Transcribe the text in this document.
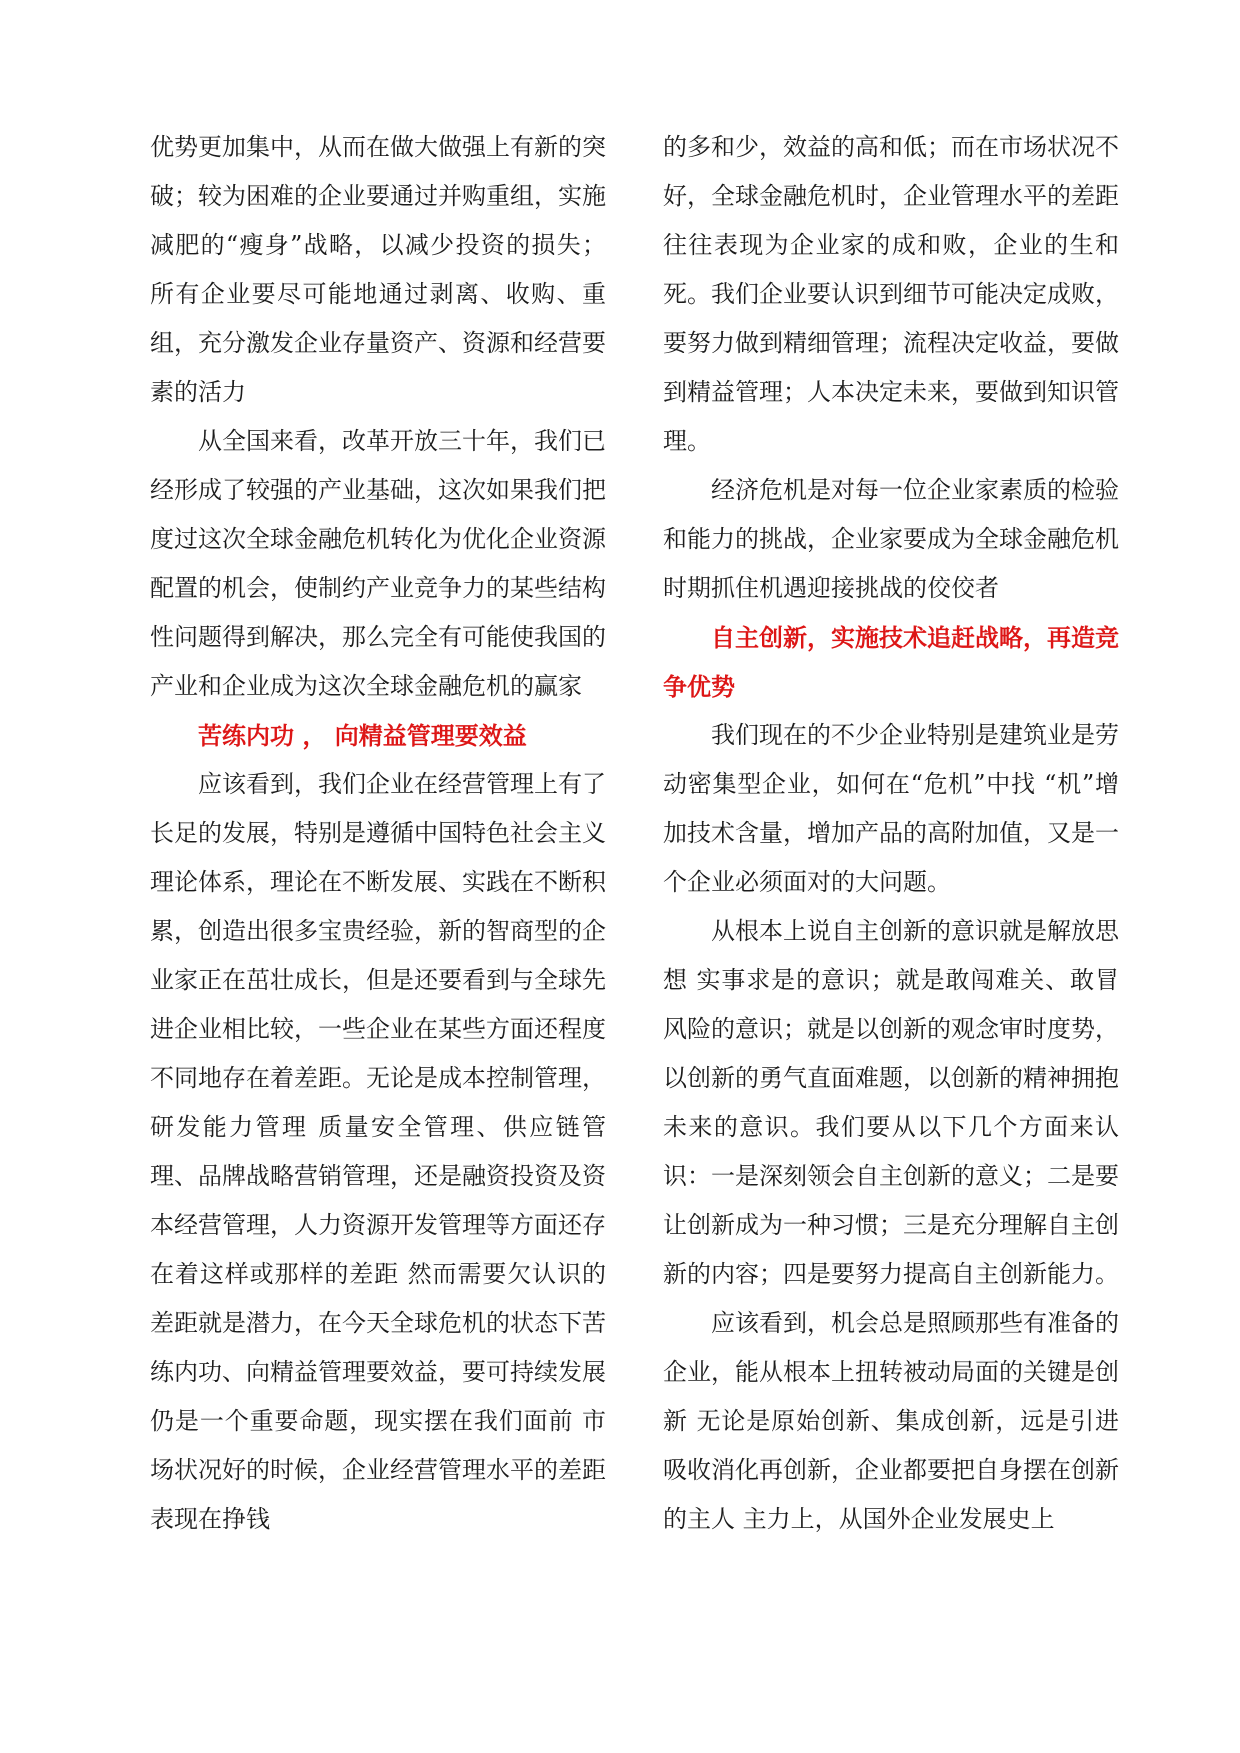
优势更加集中，从而在做大做强上有新的突破；较为困难的企业要通过并购重组，实施减肥的“瘦身”战略，以减少投资的损失；所有企业要尽可能地通过剥离、收购、重组，充分激发企业存量资产、资源和经营要素的活力

从全国来看，改革开放三十年，我们已经形成了较强的产业基础，这次如果我们把度过这次全球金融危机转化为优化企业资源配置的机会，使制约产业竞争力的某些结构性问题得到解决，那么完全有可能使我国的产业和企业成为这次全球金融危机的赢家

苦练内功 ， 向精益管理要效益

应该看到，我们企业在经营管理上有了长足的发展，特别是遵循中国特色社会主义理论体系，理论在不断发展、实践在不断积累，创造出很多宝贵经验，新的智商型的企业家正在茁壮成长，但是还要看到与全球先进企业相比较，一些企业在某些方面还程度不同地存在着差距。无论是成本控制管理，研发能力管理 质量安全管理、供应链管理、品牌战略营销管理，还是融资投资及资本经营管理，人力资源开发管理等方面还存在着这样或那样的差距 然而需要欠认识的差距就是潜力，在今天全球危机的状态下苦练内功、向精益管理要效益，要可持续发展仍是一个重要命题，现实摆在我们面前 市场状况好的时候，企业经营管理水平的差距表现在挣钱

的多和少，效益的高和低；而在市场状况不好，全球金融危机时，企业管理水平的差距往往表现为企业家的成和败，企业的生和死。我们企业要认识到细节可能决定成败，要努力做到精细管理；流程决定收益，要做到精益管理；人本决定未来，要做到知识管理。

经济危机是对每一位企业家素质的检验和能力的挑战，企业家要成为全球金融危机时期抓住机遇迎接挑战的佼佼者

自主创新，实施技术追赶战略，再造竞争优势

我们现在的不少企业特别是建筑业是劳动密集型企业，如何在“危机”中找 “机”增加技术含量，增加产品的高附加值，又是一个企业必须面对的大问题。

从根本上说自主创新的意识就是解放思想 实事求是的意识；就是敢闯难关、敢冒风险的意识；就是以创新的观念审时度势，以创新的勇气直面难题，以创新的精神拥抱未来的意识。我们要从以下几个方面来认识：一是深刻领会自主创新的意义；二是要让创新成为一种习惯；三是充分理解自主创新的内容；四是要努力提高自主创新能力。

应该看到，机会总是照顾那些有准备的企业，能从根本上扭转被动局面的关键是创新 无论是原始创新、集成创新，远是引进吸收消化再创新，企业都要把自身摆在创新的主人 主力上，从国外企业发展史上
